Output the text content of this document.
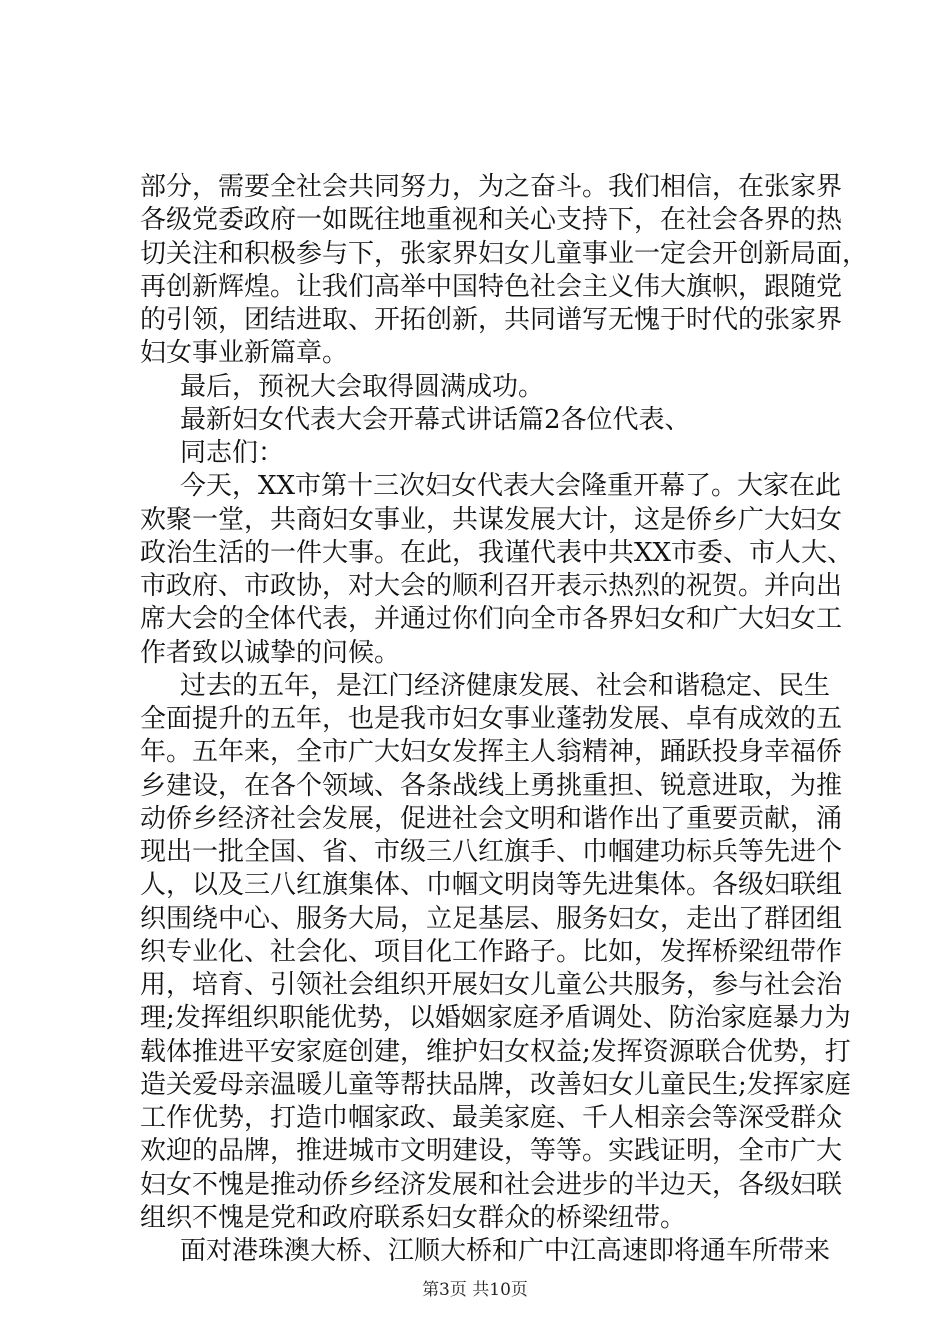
部分，需要全社会共同努力，为之奋斗。我们相信，在张家界
各级党委政府一如既往地重视和关心支持下，在社会各界的热
切关注和积极参与下，张家界妇女儿童事业一定会开创新局面，
再创新辉煌。让我们高举中国特色社会主义伟大旗帜，跟随党
的引领，团结进取、开拓创新，共同谱写无愧于时代的张家界
妇女事业新篇章。
最后，预祝大会取得圆满成功。
最新妇女代表大会开幕式讲话篇2各位代表、
同志们：
今天，XX市第十三次妇女代表大会隆重开幕了。大家在此
欢聚一堂，共商妇女事业，共谋发展大计，这是侨乡广大妇女
政治生活的一件大事。在此，我谨代表中共XX市委、市人大、
市政府、市政协，对大会的顺利召开表示热烈的祝贺。并向出
席大会的全体代表，并通过你们向全市各界妇女和广大妇女工
作者致以诚挚的问候。
过去的五年，是江门经济健康发展、社会和谐稳定、民生
全面提升的五年，也是我市妇女事业蓬勃发展、卓有成效的五
年。五年来，全市广大妇女发挥主人翁精神，踊跃投身幸福侨
乡建设，在各个领域、各条战线上勇挑重担、锐意进取，为推
动侨乡经济社会发展，促进社会文明和谐作出了重要贡献，涌
现出一批全国、省、市级三八红旗手、巾帼建功标兵等先进个
人，以及三八红旗集体、巾帼文明岗等先进集体。各级妇联组
织围绕中心、服务大局，立足基层、服务妇女，走出了群团组
织专业化、社会化、项目化工作路子。比如，发挥桥梁纽带作
用，培育、引领社会组织开展妇女儿童公共服务，参与社会治
理;发挥组织职能优势，以婚姻家庭矛盾调处、防治家庭暴力为
载体推进平安家庭创建，维护妇女权益;发挥资源联合优势，打
造关爱母亲温暖儿童等帮扶品牌，改善妇女儿童民生;发挥家庭
工作优势，打造巾帼家政、最美家庭、千人相亲会等深受群众
欢迎的品牌，推进城市文明建设，等等。实践证明，全市广大
妇女不愧是推动侨乡经济发展和社会进步的半边天，各级妇联
组织不愧是党和政府联系妇女群众的桥梁纽带。
面对港珠澳大桥、江顺大桥和广中江高速即将通车所带来
第3页 共10页
